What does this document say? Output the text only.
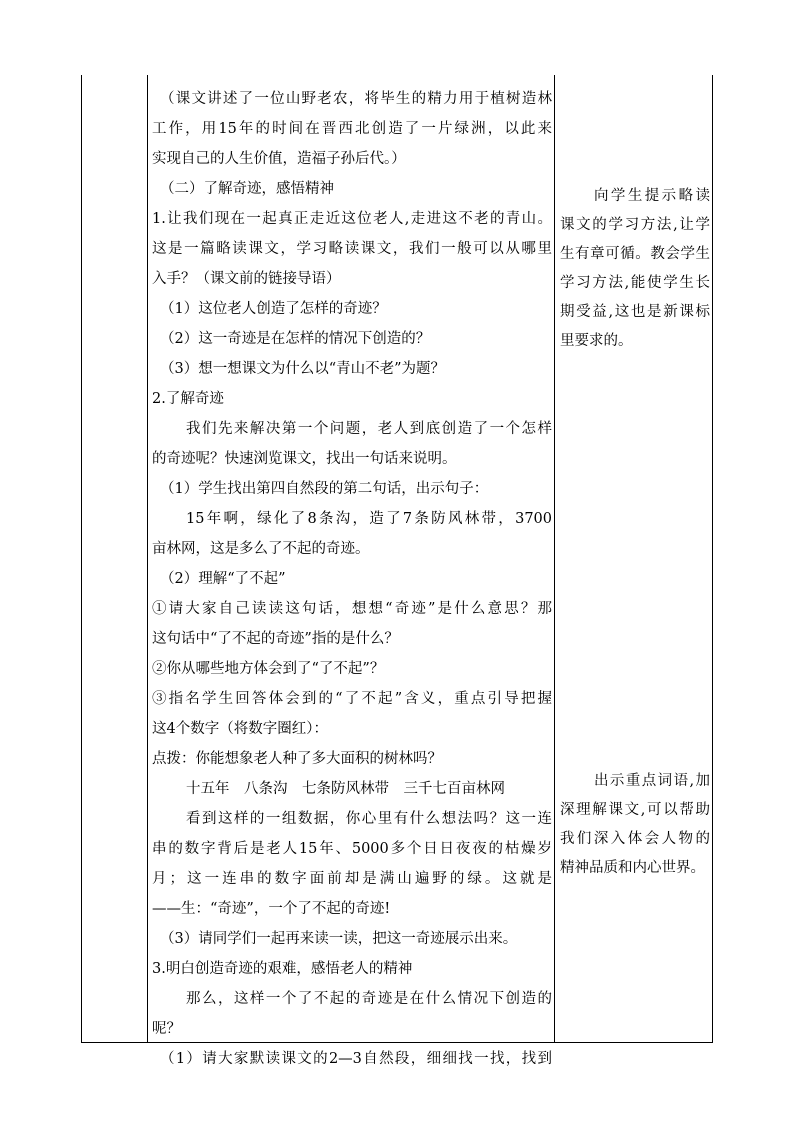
（课文讲述了一位山野老农，将毕生的精力用于植树造林
工作，用15年的时间在晋西北创造了一片绿洲，以此来
实现自己的人生价值，造福子孙后代。）
（二）了解奇迹，感悟精神
1.让我们现在一起真正走近这位老人,走进这不老的青山。
这是一篇略读课文，学习略读课文，我们一般可以从哪里
入手？（课文前的链接导语）
（1）这位老人创造了怎样的奇迹？
（2）这一奇迹是在怎样的情况下创造的？
（3）想一想课文为什么以“青山不老”为题？
2.了解奇迹
我们先来解决第一个问题，老人到底创造了一个怎样
的奇迹呢？快速浏览课文，找出一句话来说明。
（1）学生找出第四自然段的第二句话，出示句子：
15年啊，绿化了8条沟，造了7条防风林带，3700
亩林网，这是多么了不起的奇迹。
（2）理解“了不起”
①请大家自己读读这句话，想想“奇迹”是什么意思？那
这句话中“了不起的奇迹”指的是什么？
②你从哪些地方体会到了“了不起”？
③指名学生回答体会到的“了不起”含义，重点引导把握
这4个数字（将数字圈红）：
点拨：你能想象老人种了多大面积的树林吗？
十五年　八条沟　七条防风林带　三千七百亩林网
看到这样的一组数据，你心里有什么想法吗？这一连
串的数字背后是老人15年、5000多个日日夜夜的枯燥岁
月；这一连串的数字面前却是满山遍野的绿。这就是
——生：“奇迹”，一个了不起的奇迹!
（3）请同学们一起再来读一读，把这一奇迹展示出来。
3.明白创造奇迹的艰难，感悟老人的精神
那么，这样一个了不起的奇迹是在什么情况下创造的
呢？
（1）请大家默读课文的2—3自然段，细细找一找，找到
向学生提示略读
课文的学习方法,让学
生有章可循。教会学生
学习方法,能使学生长
期受益,这也是新课标
里要求的。
出示重点词语,加
深理解课文,可以帮助
我们深入体会人物的
精神品质和内心世界。
